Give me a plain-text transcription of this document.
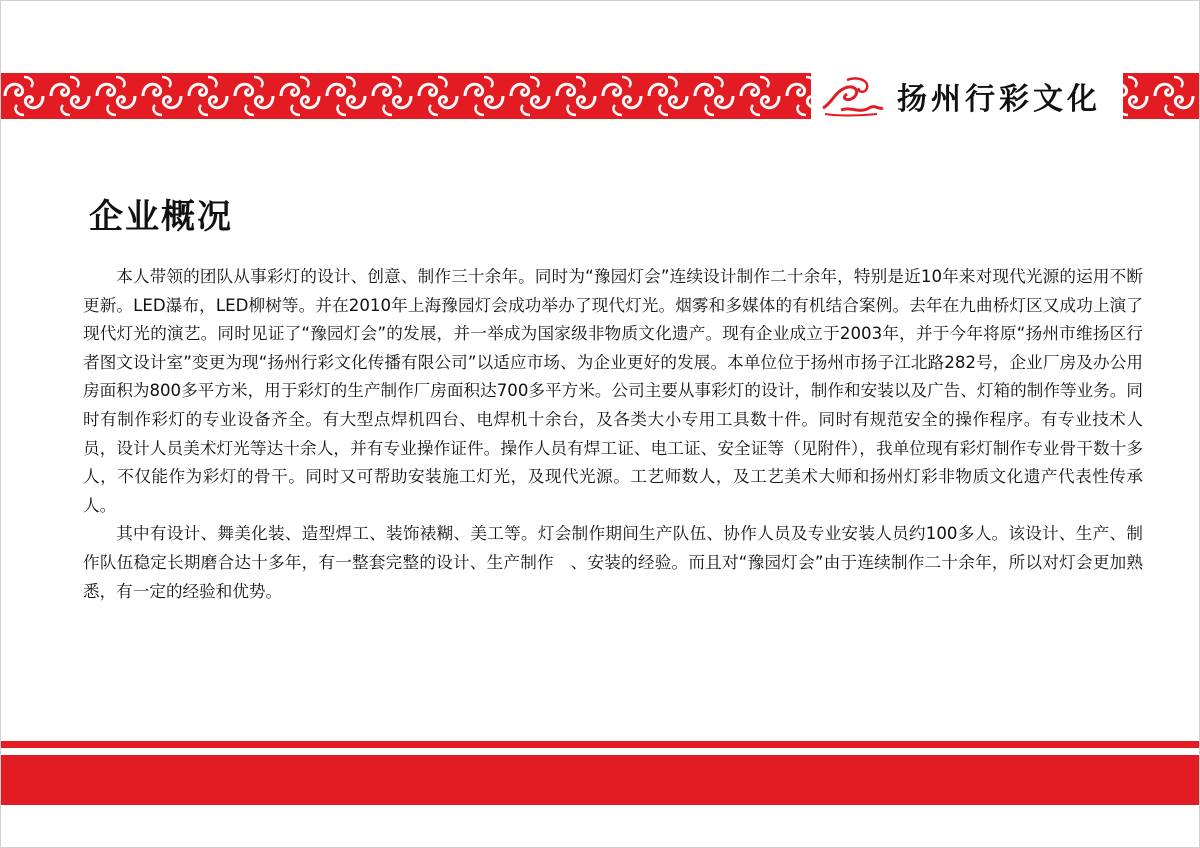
扬州行彩文化
企业概况

本人带领的团队从事彩灯的设计、创意、制作三十余年。同时为“豫园灯会”连续设计制作二十余年，特别是近10年来对现代光源的运用不断更新。LED瀑布，LED柳树等。并在2010年上海豫园灯会成功举办了现代灯光。烟雾和多媒体的有机结合案例。去年在九曲桥灯区又成功上演了现代灯光的演艺。同时见证了“豫园灯会”的发展，并一举成为国家级非物质文化遗产。现有企业成立于2003年，并于今年将原“扬州市维扬区行者图文设计室”变更为现“扬州行彩文化传播有限公司”以适应市场、为企业更好的发展。本单位位于扬州市扬子江北路282号，企业厂房及办公用房面积为800多平方米，用于彩灯的生产制作厂房面积达700多平方米。公司主要从事彩灯的设计，制作和安装以及广告、灯箱的制作等业务。同时有制作彩灯的专业设备齐全。有大型点焊机四台、电焊机十余台，及各类大小专用工具数十件。同时有规范安全的操作程序。有专业技术人员，设计人员美术灯光等达十余人，并有专业操作证件。操作人员有焊工证、电工证、安全证等（见附件），我单位现有彩灯制作专业骨干数十多人，不仅能作为彩灯的骨干。同时又可帮助安装施工灯光，及现代光源。工艺师数人，及工艺美术大师和扬州灯彩非物质文化遗产代表性传承人。

其中有设计、舞美化装、造型焊工、装饰裱糊、美工等。灯会制作期间生产队伍、协作人员及专业安装人员约100多人。该设计、生产、制作队伍稳定长期磨合达十多年，有一整套完整的设计、生产制作　、安装的经验。而且对“豫园灯会”由于连续制作二十余年，所以对灯会更加熟悉，有一定的经验和优势。
